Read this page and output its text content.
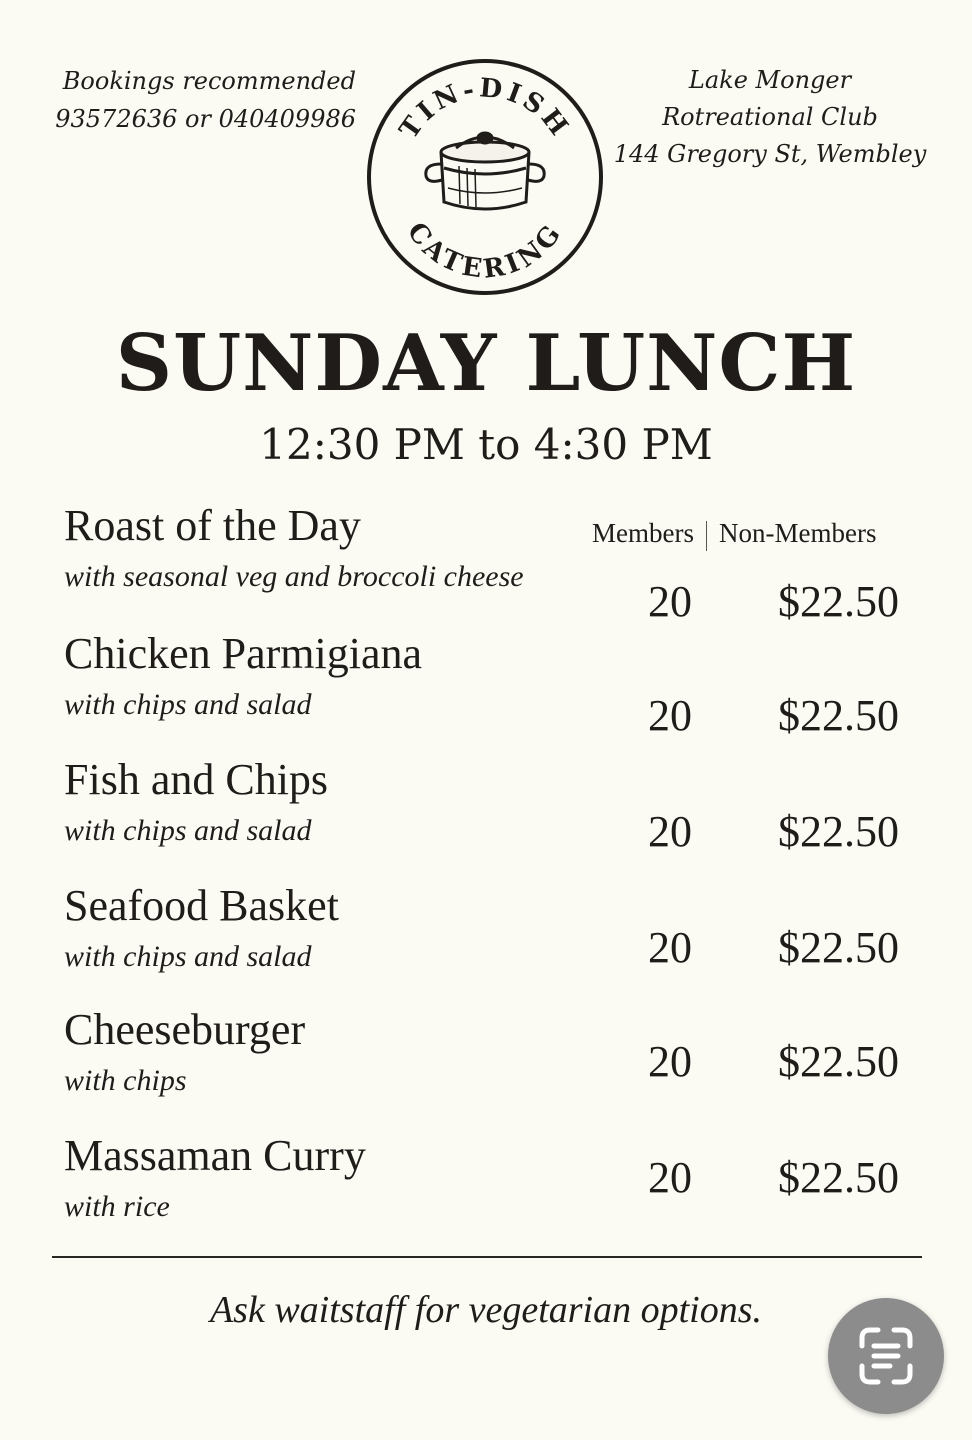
Bookings recommended
93572636 or 040409986 TIN-DISH
CATERING
Lake Monger
Rotreational Club
144 Gregory St, Wembley
SUNDAY LUNCH
12:30 PM to 4:30 PM
Members Non-Members
Roast of the Day
with seasonal veg and broccoli cheese
20 $22.50
Chicken Parmigiana
with chips and salad	20 $22.50
Fish and Chips
with chips and salad	20 $22.50
Seafood Basket
with chips and salad	20 $22.50
Cheeseburger
with chips	20 $22.50
Massaman Curry
with rice
20 $22.50
Ask waitstaff for vegetarian options.
